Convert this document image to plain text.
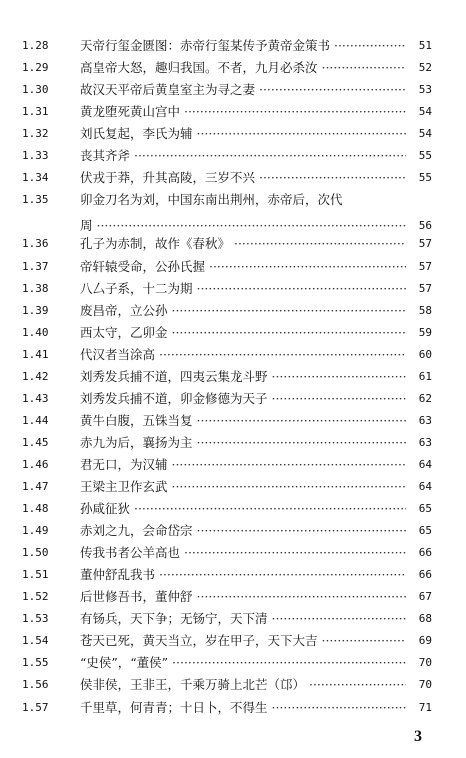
1.28	天帝行玺金匮图：赤帝行玺某传予黄帝金策书 ·····	51
1.29	高皇帝大怒，趣归我国。不者，九月必杀汝 ·····	52
1.30	故汉天平帝后黄皇室主为寻之妻 ·····	53
1.31	黄龙堕死黄山宫中 ·····	54
1.32	刘氏复起，李氏为辅 ·····	54
1.33	丧其齐斧 ·····	55
1.34	伏戎于莽，升其高陵，三岁不兴 ·····	55
1.35	卯金刀名为刘，中国东南出荆州，赤帝后，次代
周 ·····	56
1.36	孔子为赤制，故作《春秋》 ·····	57
1.37	帝轩辕受命，公孙氏握 ·····	57
1.38	八厶子系，十二为期 ·····	57
1.39	废昌帝，立公孙 ·····	58
1.40	西太守，乙卯金 ·····	59
1.41	代汉者当涂高 ·····	60
1.42	刘秀发兵捕不道，四夷云集龙斗野 ·····	61
1.43	刘秀发兵捕不道，卯金修德为天子 ·····	62
1.44	黄牛白腹，五铢当复 ·····	63
1.45	赤九为后，襄扬为主 ·····	63
1.46	君无口，为汉辅 ·····	64
1.47	王梁主卫作玄武 ·····	64
1.48	孙咸征狄 ·····	65
1.49	赤刘之九，会命岱宗 ·····	65
1.50	传我书者公羊高也 ·····	66
1.51	董仲舒乱我书 ·····	66
1.52	后世修吾书，董仲舒 ·····	67
1.53	有钖兵，天下争；无钖宁，天下清 ·····	68
1.54	苍天已死，黄天当立，岁在甲子，天下大吉 ·····	69
1.55	“史侯”，“董侯” ·····	70
1.56	侯非侯，王非王，千乘万骑上北芒（邙） ·····	70
1.57	千里草，何青青；十日卜，不得生 ·····	71
3
